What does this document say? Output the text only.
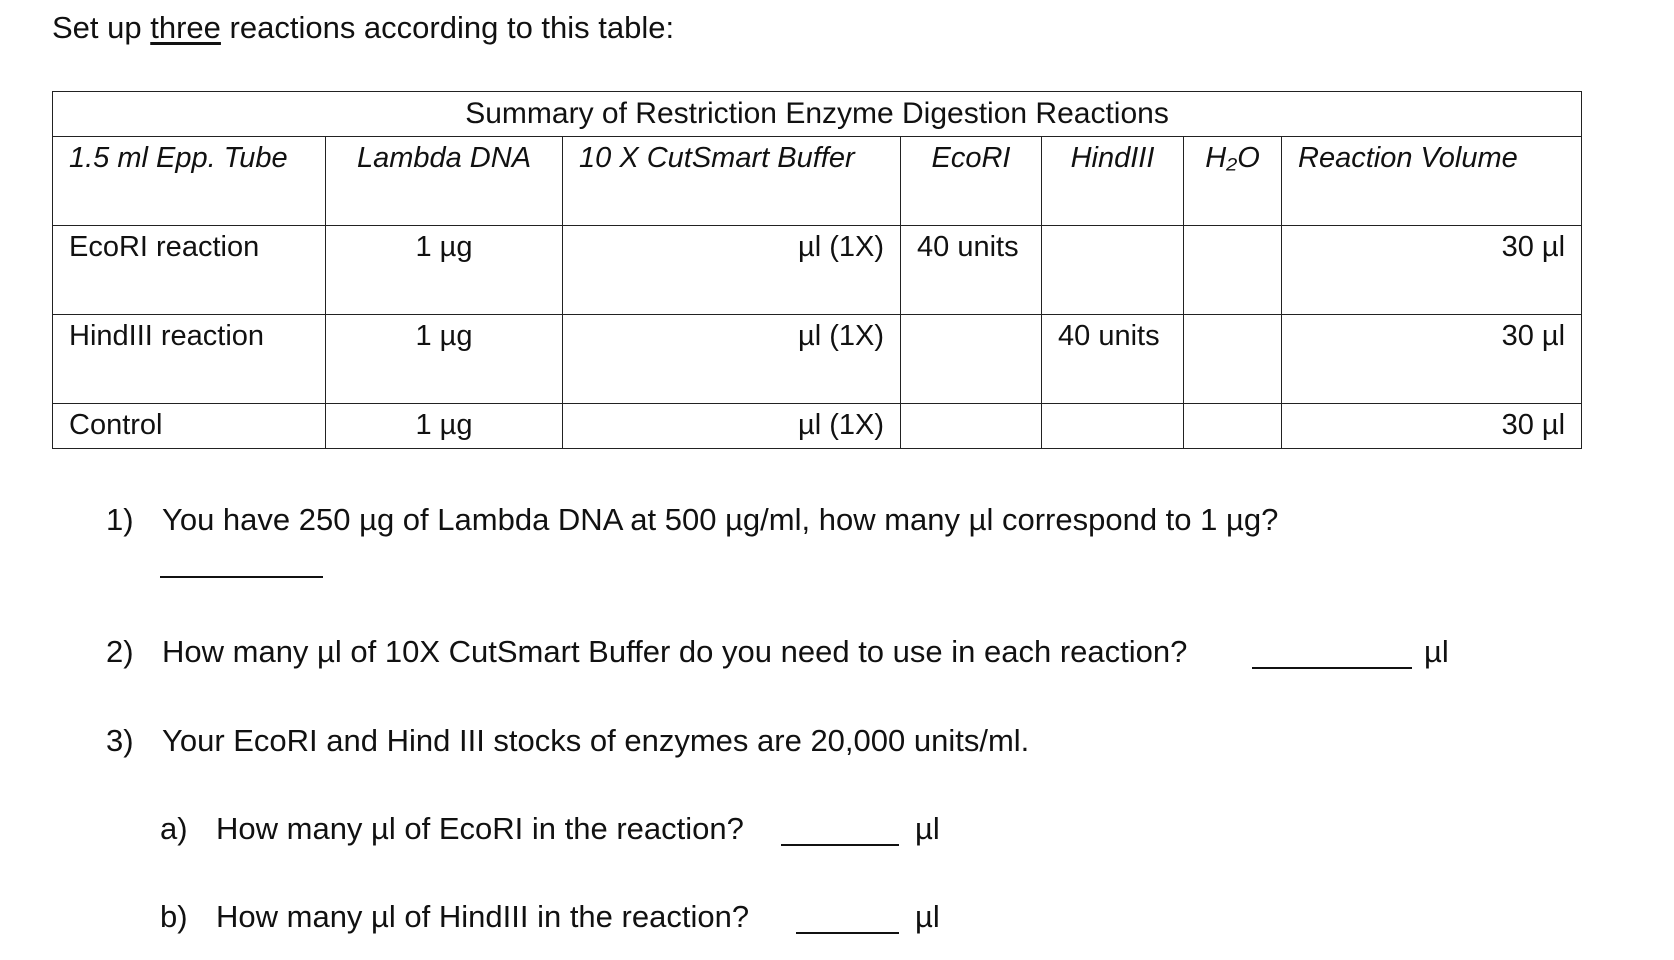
Set up three reactions according to this table:
Summary of Restriction Enzyme Digestion Reactions						
1.5 ml Epp. Tube	Lambda DNA	10 X CutSmart Buffer	EcoRI	HindIII	H₂O	Reaction Volume
EcoRI reaction	1 µg	µl (1X)	40 units			30 µl
HindIII reaction	1 µg	µl (1X)		40 units		30 µl
Control	1 µg	µl (1X)				30 µl
1) You have 250 µg of Lambda DNA at 500 µg/ml, how many µl correspond to 1 µg?
2) How many µl of 10X CutSmart Buffer do you need to use in each reaction?	µl
3) Your EcoRI and Hind III stocks of enzymes are 20,000 units/ml.
a) How many µl of EcoRI in the reaction?	µl
b) How many µl of HindIII in the reaction?	µl
